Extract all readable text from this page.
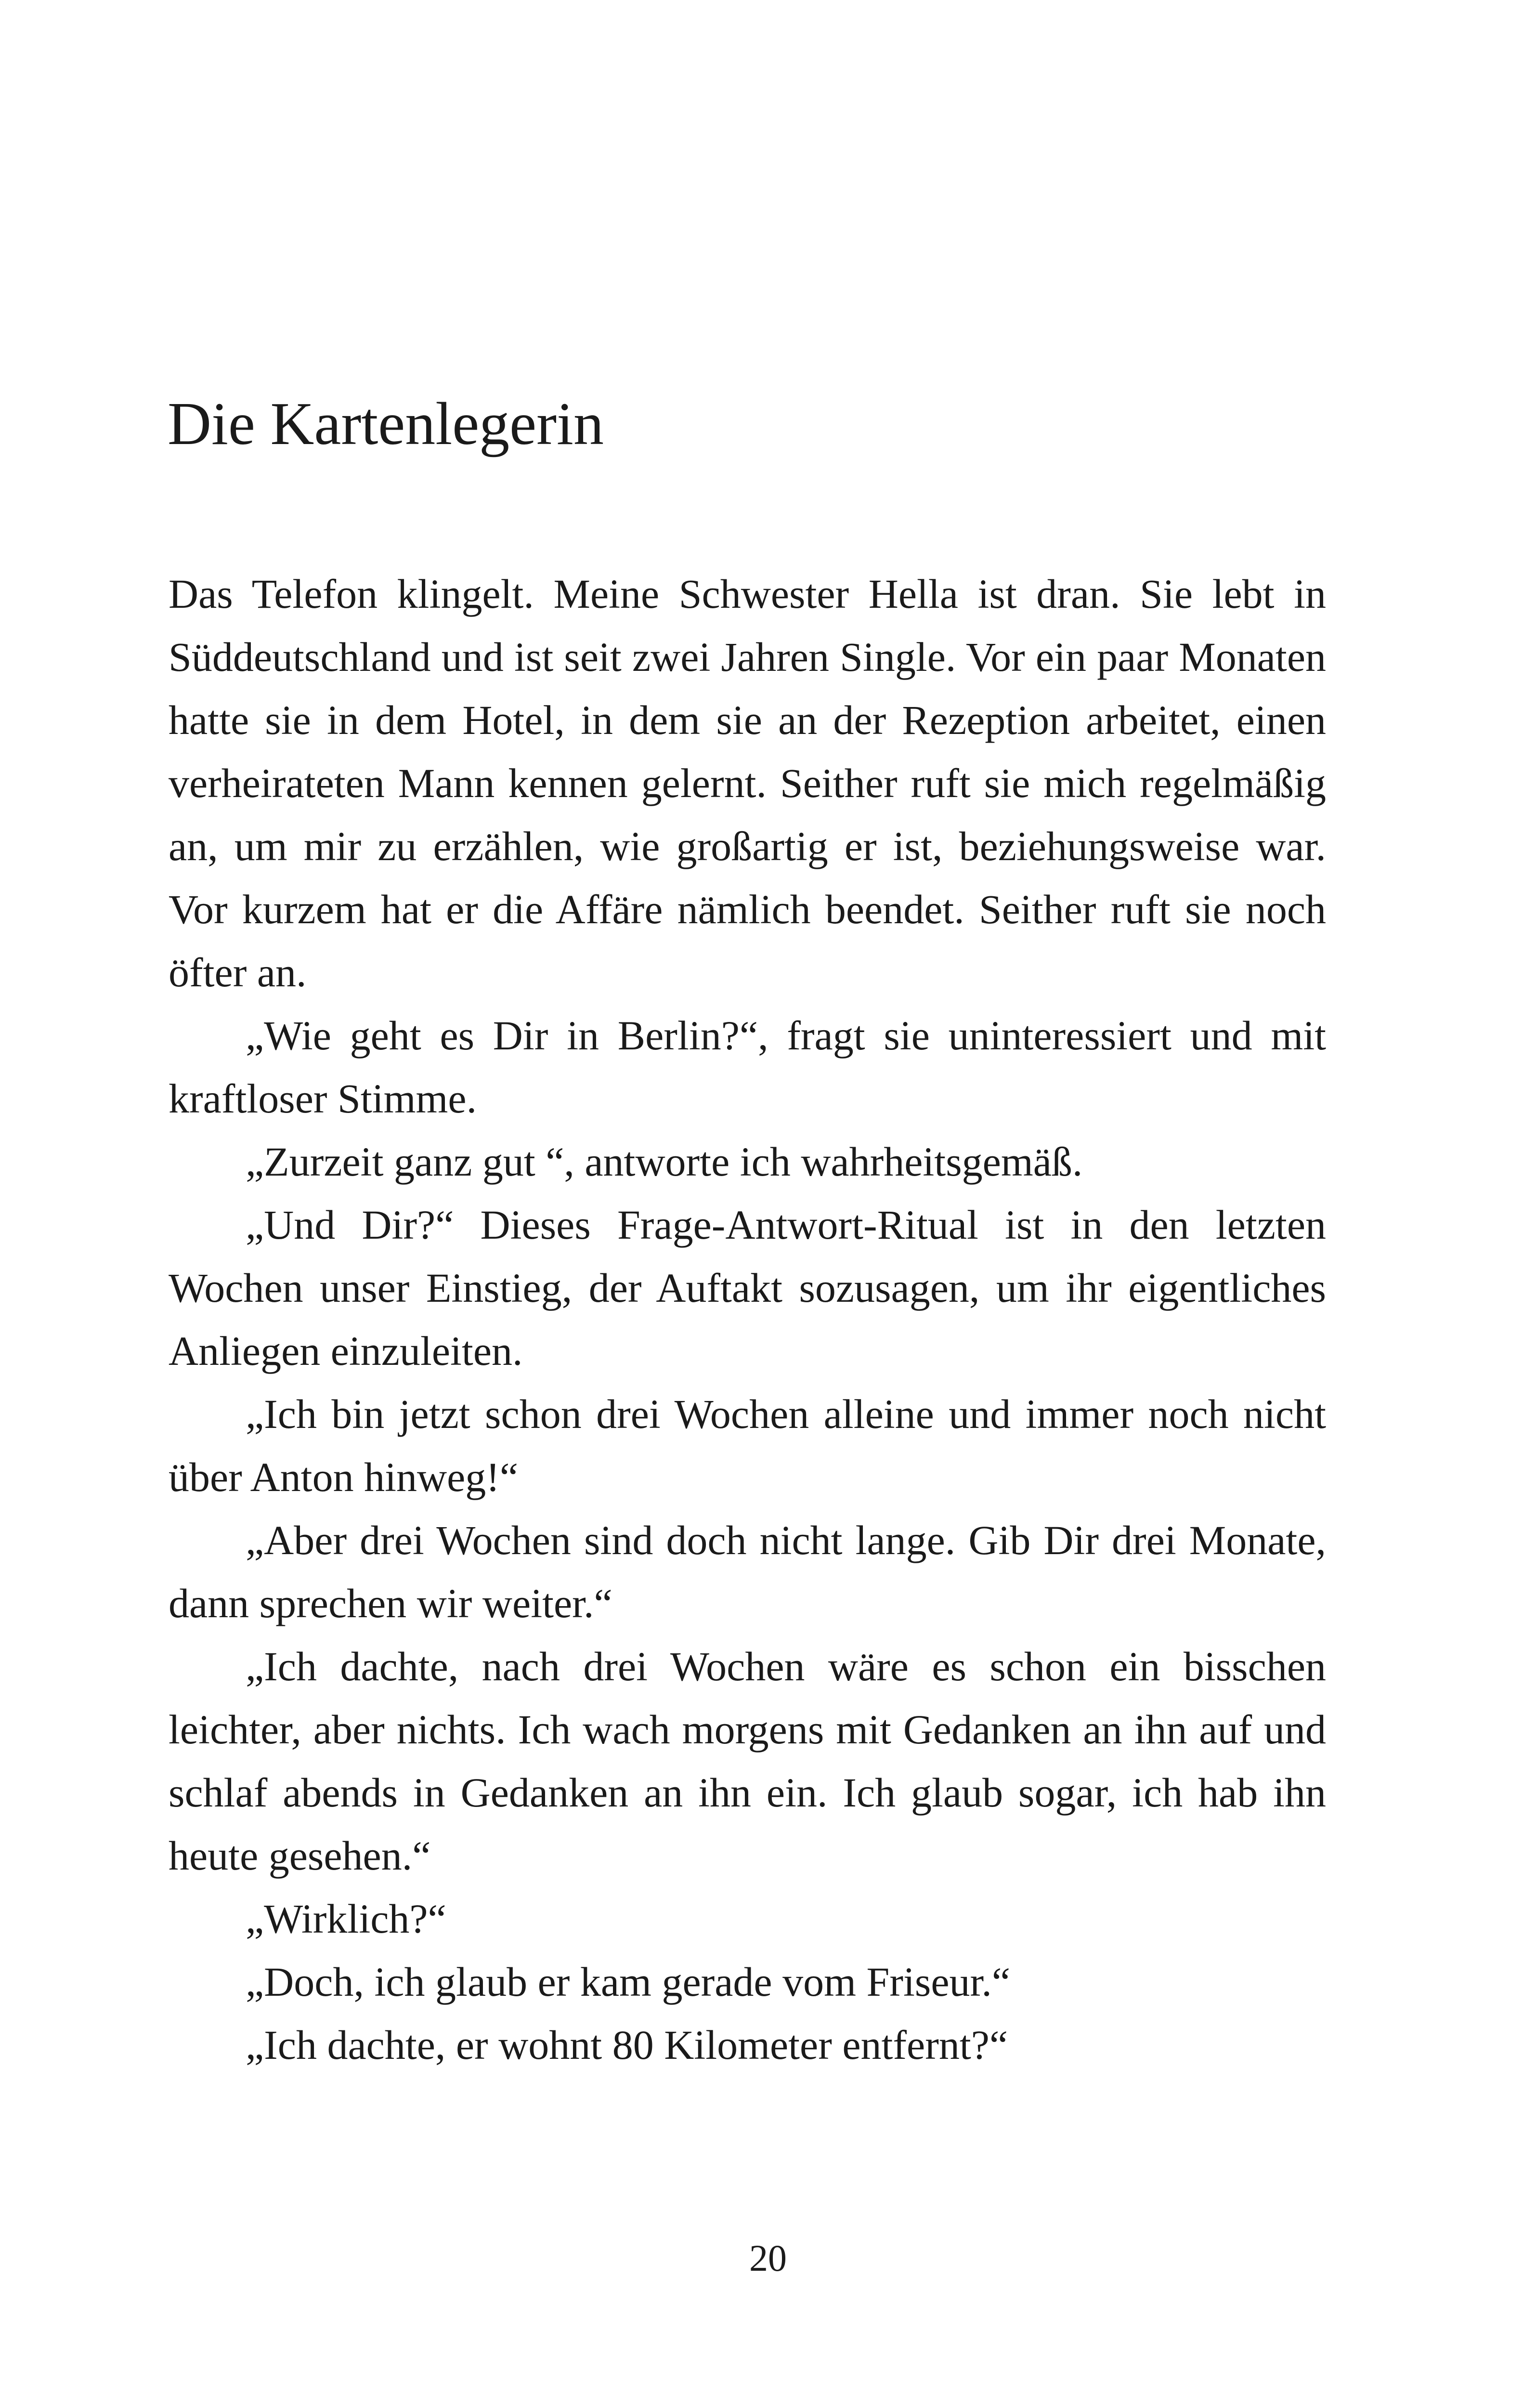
Die Kartenlegerin

Das Telefon klingelt. Meine Schwester Hella ist dran. Sie lebt in Süddeutschland und ist seit zwei Jahren Single. Vor ein paar Monaten hatte sie in dem Hotel, in dem sie an der Rezeption arbeitet, einen verheirateten Mann kennen gelernt. Seither ruft sie mich regelmäßig an, um mir zu erzählen, wie großartig er ist, beziehungsweise war. Vor kurzem hat er die Affäre nämlich beendet. Seither ruft sie noch öfter an.

„Wie geht es Dir in Berlin?“, fragt sie uninteressiert und mit kraftloser Stimme.

„Zurzeit ganz gut “, antworte ich wahrheitsgemäß.

„Und Dir?“ Dieses Frage-Antwort-Ritual ist in den letzten Wochen unser Einstieg, der Auftakt sozusagen, um ihr eigentliches Anliegen einzuleiten.

„Ich bin jetzt schon drei Wochen alleine und immer noch nicht über Anton hinweg!“

„Aber drei Wochen sind doch nicht lange. Gib Dir drei Monate, dann sprechen wir weiter.“

„Ich dachte, nach drei Wochen wäre es schon ein bisschen leichter, aber nichts. Ich wach morgens mit Gedanken an ihn auf und schlaf abends in Gedanken an ihn ein. Ich glaub sogar, ich hab ihn heute gesehen.“

„Wirklich?“

„Doch, ich glaub er kam gerade vom Friseur.“

„Ich dachte, er wohnt 80 Kilometer entfernt?“

20
